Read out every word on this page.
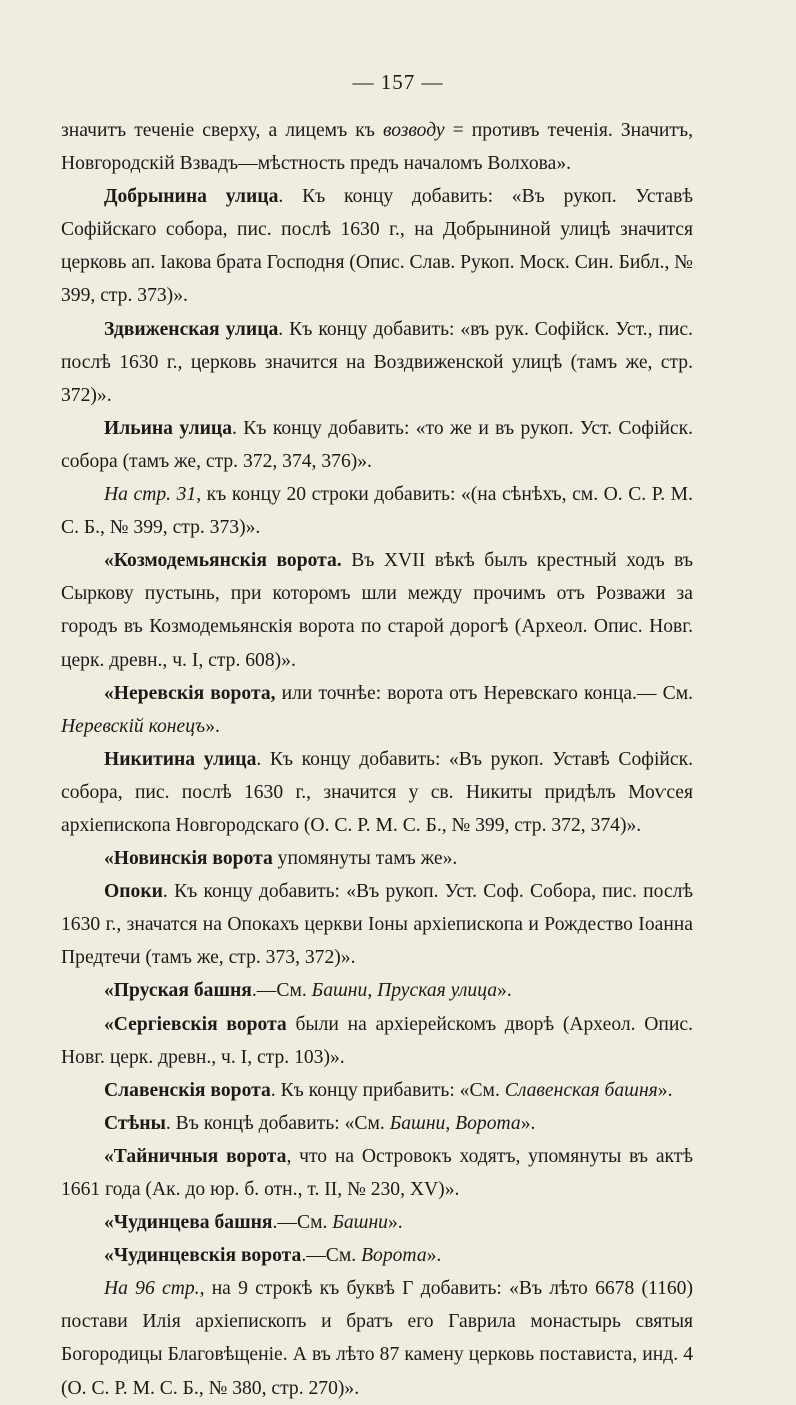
— 157 —

значитъ теченіе сверху, а лицемъ къ возводу = противъ теченія. Значитъ, Новгородскій Взвадъ—мѣстность предъ началомъ Волхова».

Добрынина улица. Къ концу добавить: «Въ рукоп. Уставѣ Софійскаго собора, пис. послѣ 1630 г., на Добрыниной улицѣ значится церковь ап. Іакова брата Господня (Опис. Слав. Рукоп. Моск. Син. Библ., № 399, стр. 373)».

Здвиженская улица. Къ концу добавить: «въ рук. Софійск. Уст., пис. послѣ 1630 г., церковь значится на Воздвиженской улицѣ (тамъ же, стр. 372)».

Ильина улица. Къ концу добавить: «то же и въ рукоп. Уст. Софійск. собора (тамъ же, стр. 372, 374, 376)».

На стр. 31, къ концу 20 строки добавить: «(на сѣнѣхъ, см. О. С. Р. М. С. Б., № 399, стр. 373)».

«Козмодемьянскія ворота. Въ XVII вѣкѣ былъ крестный ходъ въ Сыркову пустынь, при которомъ шли между прочимъ отъ Розважи за городъ въ Козмодемьянскія ворота по старой дорогѣ (Археол. Опис. Новг. церк. древн., ч. I, стр. 608)».

«Неревскія ворота, или точнѣе: ворота отъ Неревскаго конца.— См. Неревскій конецъ».

Никитина улица. Къ концу добавить: «Въ рукоп. Уставѣ Софійск. собора, пис. послѣ 1630 г., значится у св. Никиты придѣлъ Моѵсея архіепископа Новгородскаго (О. С. Р. М. С. Б., № 399, стр. 372, 374)».

«Новинскія ворота упомянуты тамъ же».

Опоки. Къ концу добавить: «Въ рукоп. Уст. Соф. Собора, пис. послѣ 1630 г., значатся на Опокахъ церкви Іоны архіепископа и Рождество Іоанна Предтечи (тамъ же, стр. 373, 372)».

«Пруская башня.—См. Башни, Пруская улица».

«Сергіевскія ворота были на архіерейскомъ дворѣ (Археол. Опис. Новг. церк. древн., ч. I, стр. 103)».

Славенскія ворота. Къ концу прибавить: «См. Славенская башня».

Стѣны. Въ концѣ добавить: «См. Башни, Ворота».

«Тайничныя ворота, что на Островокъ ходятъ, упомянуты въ актѣ 1661 года (Ак. до юр. б. отн., т. II, № 230, XV)».

«Чудинцева башня.—См. Башни».

«Чудинцевскія ворота.—См. Ворота».

На 96 стр., на 9 строкѣ къ буквѣ Г добавить: «Въ лѣто 6678 (1160) постави Илія архіепископъ и братъ его Гаврила монастырь святыя Богородицы Благовѣщеніе. А въ лѣто 87 камену церковь постависта, инд. 4 (О. С. Р. М. С. Б., № 380, стр. 270)».
